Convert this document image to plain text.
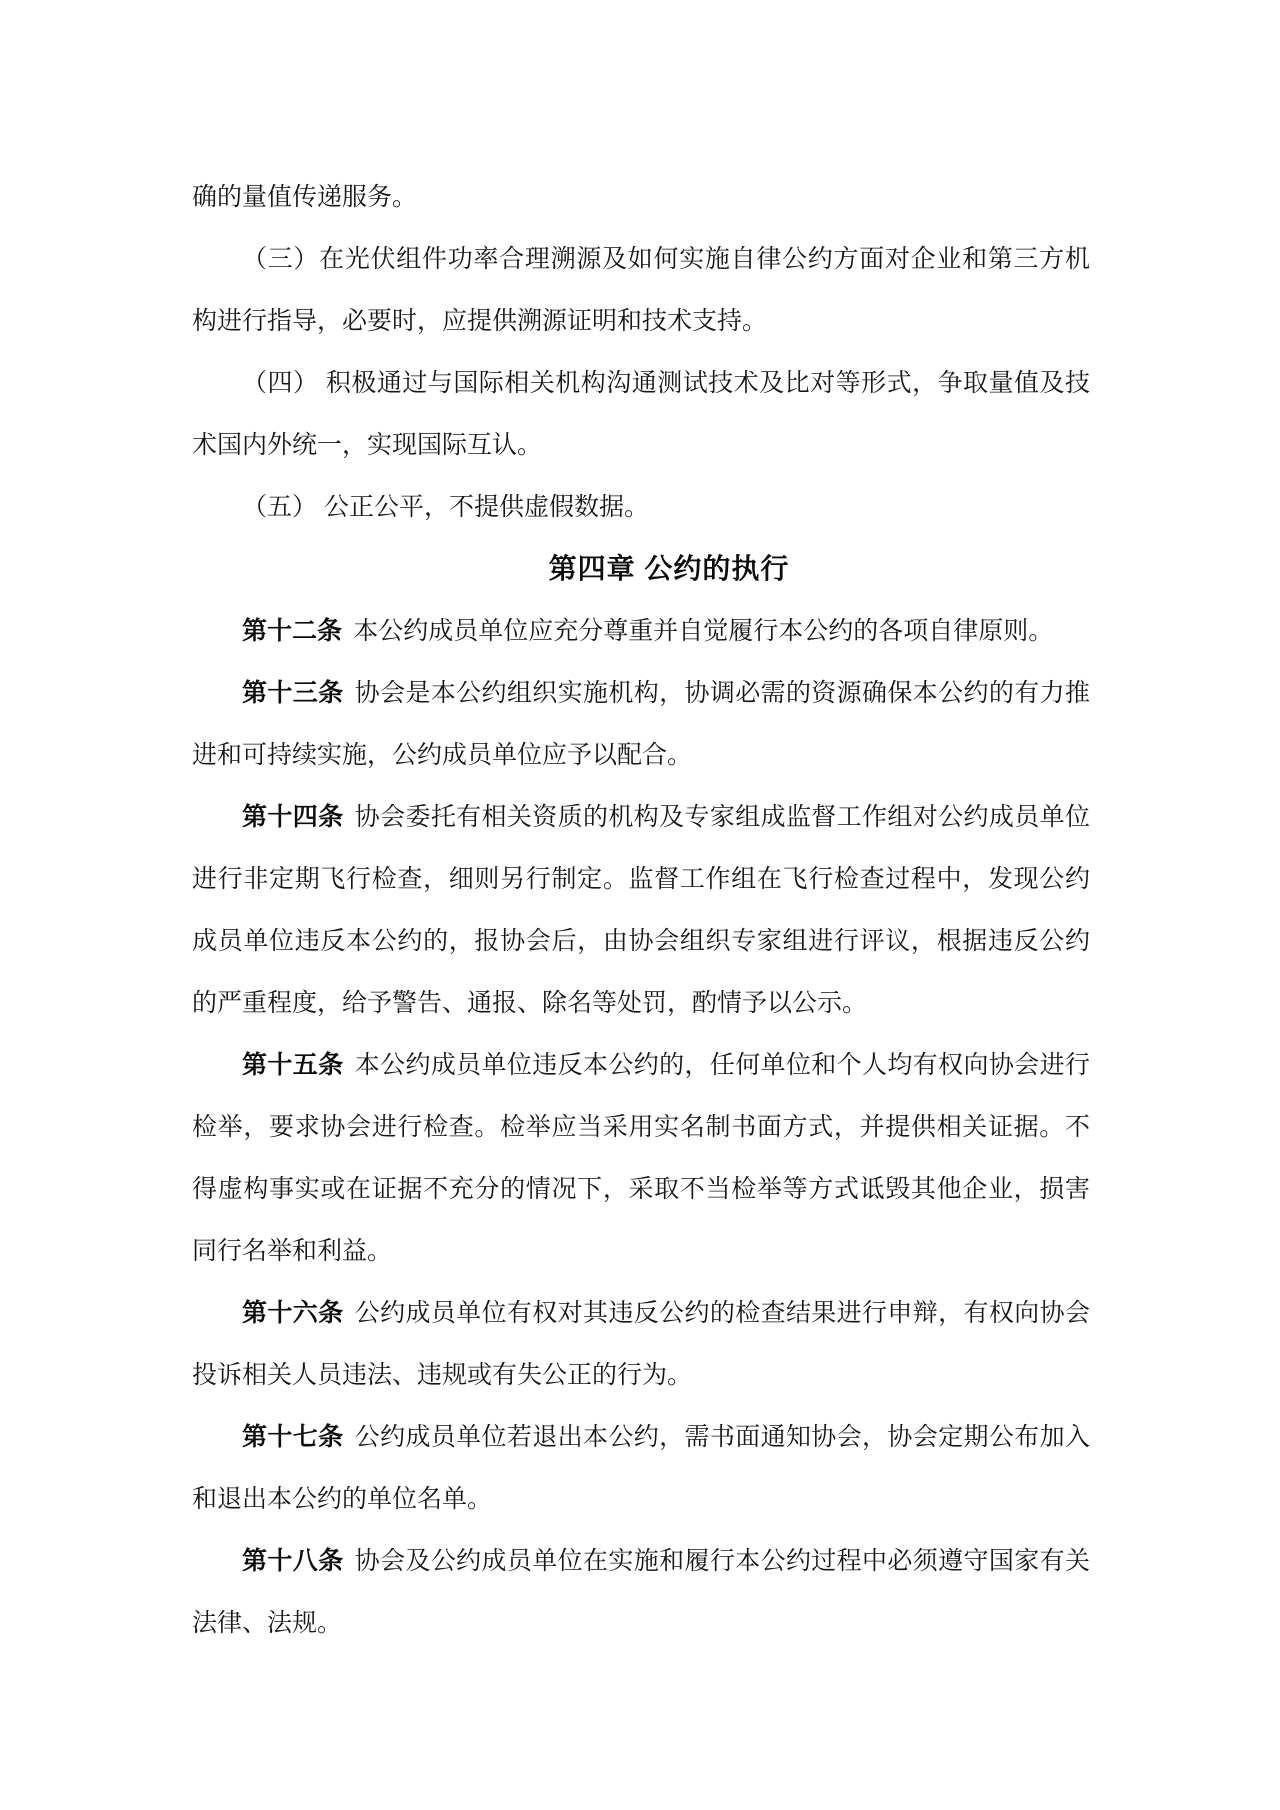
确的量值传递服务。

（三）在光伏组件功率合理溯源及如何实施自律公约方面对企业和第三方机构进行指导，必要时，应提供溯源证明和技术支持。

（四） 积极通过与国际相关机构沟通测试技术及比对等形式，争取量值及技术国内外统一，实现国际互认。

（五） 公正公平，不提供虚假数据。

第四章 公约的执行

第十二条 本公约成员单位应充分尊重并自觉履行本公约的各项自律原则。

第十三条 协会是本公约组织实施机构，协调必需的资源确保本公约的有力推进和可持续实施，公约成员单位应予以配合。

第十四条 协会委托有相关资质的机构及专家组成监督工作组对公约成员单位进行非定期飞行检查，细则另行制定。监督工作组在飞行检查过程中，发现公约成员单位违反本公约的，报协会后，由协会组织专家组进行评议，根据违反公约的严重程度，给予警告、通报、除名等处罚，酌情予以公示。

第十五条 本公约成员单位违反本公约的，任何单位和个人均有权向协会进行检举，要求协会进行检查。检举应当采用实名制书面方式，并提供相关证据。不得虚构事实或在证据不充分的情况下，采取不当检举等方式诋毁其他企业，损害同行名举和利益。

第十六条 公约成员单位有权对其违反公约的检查结果进行申辩，有权向协会投诉相关人员违法、违规或有失公正的行为。

第十七条 公约成员单位若退出本公约，需书面通知协会，协会定期公布加入和退出本公约的单位名单。

第十八条 协会及公约成员单位在实施和履行本公约过程中必须遵守国家有关法律、法规。
